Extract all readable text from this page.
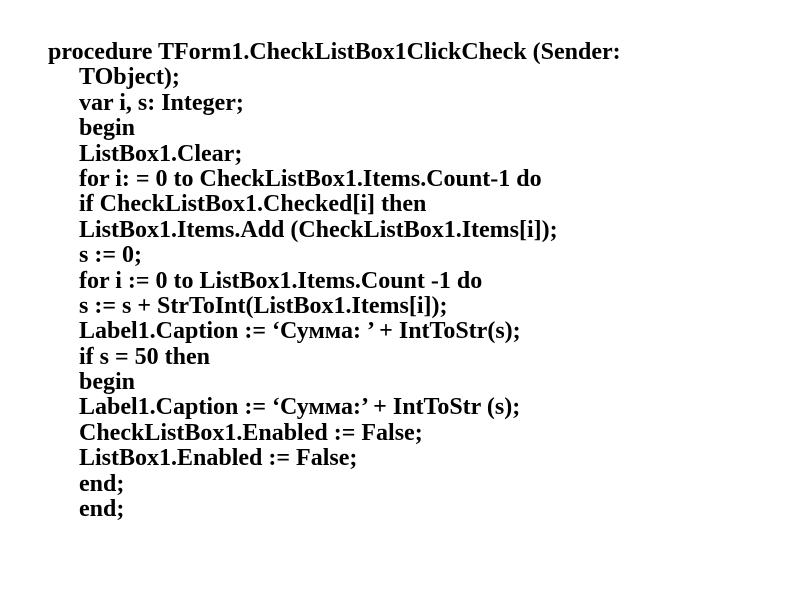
procedure TForm1.CheckListBox1ClickCheck (Sender:
TObject);
var i, s: Integer;
begin
ListBox1.Clear;
for i: = 0 to CheckListBox1.Items.Count-1 do
if CheckListBox1.Checked[i] then
ListBox1.Items.Add (CheckListBox1.Items[i]);
s := 0;
for i := 0 to ListBox1.Items.Count -1 do
s := s + StrToInt(ListBox1.Items[i]);
Label1.Caption := ‘Сумма: ’ + IntToStr(s);
if s = 50 then
begin
Label1.Caption := ‘Сумма:’ + IntToStr (s);
CheckListBox1.Enabled := False;
ListBox1.Enabled := False;
end;
end;
